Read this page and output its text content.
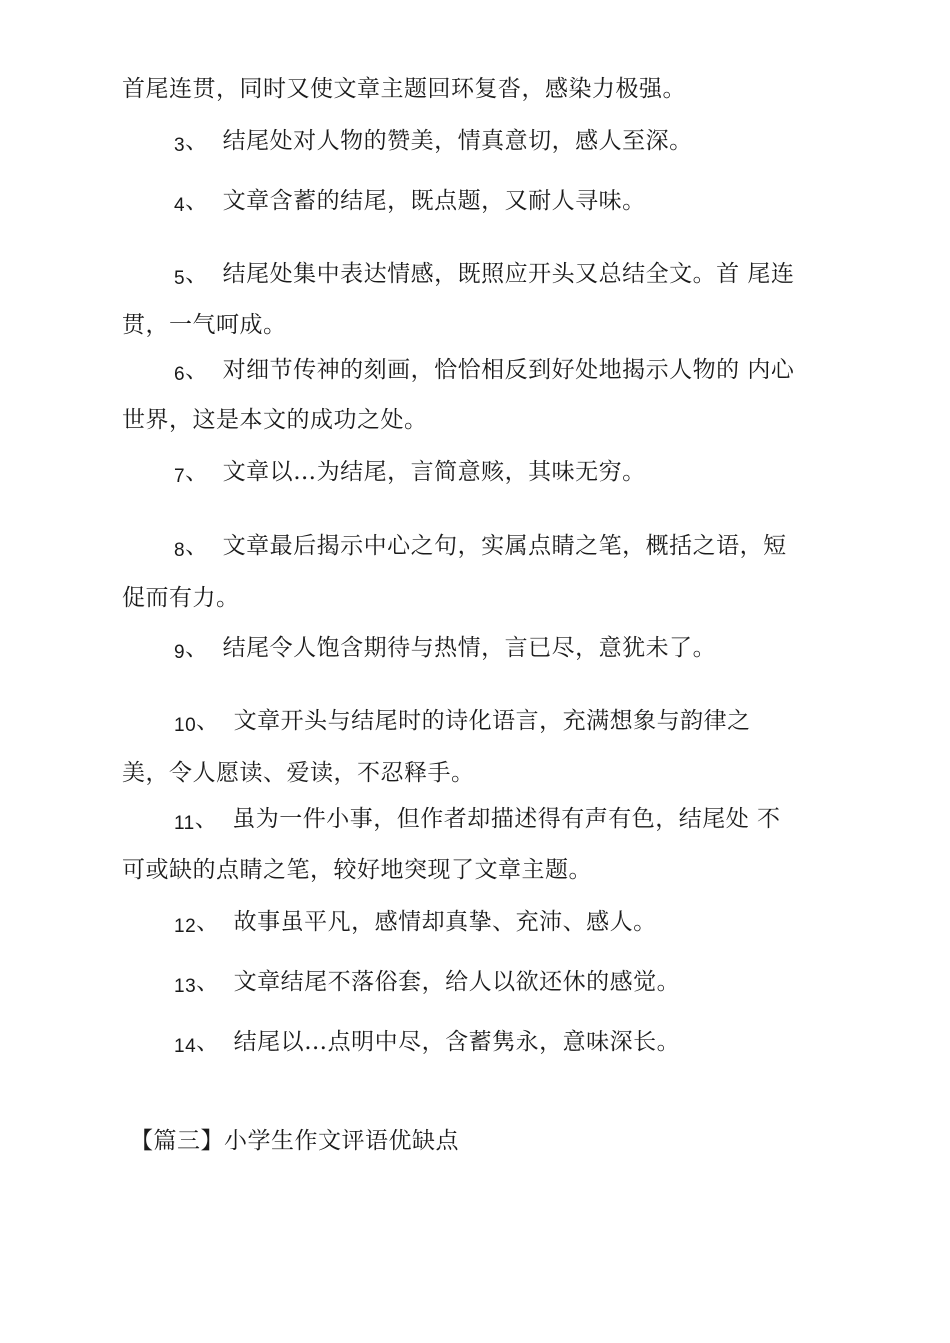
首尾连贯，同时又使文章主题回环复沓，感染力极强。
3、 结尾处对人物的赞美，情真意切，感人至深。
4、 文章含蓄的结尾，既点题，又耐人寻味。
5、 结尾处集中表达情感，既照应开头又总结全文。首 尾连
贯，一气呵成。
6、 对细节传神的刻画，恰恰相反到好处地揭示人物的 内心
世界，这是本文的成功之处。
7、 文章以…为结尾，言简意赅，其味无穷。
8、 文章最后揭示中心之句，实属点睛之笔，概括之语，短
促而有力。
9、 结尾令人饱含期待与热情，言已尽，意犹未了。
10、 文章开头与结尾时的诗化语言，充满想象与韵律之
美，令人愿读、爱读，不忍释手。
11、 虽为一件小事，但作者却描述得有声有色，结尾处 不
可或缺的点睛之笔，较好地突现了文章主题。
12、 故事虽平凡，感情却真挚、充沛、感人。
13、 文章结尾不落俗套，给人以欲还休的感觉。
14、 结尾以…点明中尽，含蓄隽永，意味深长。
【篇三】小学生作文评语优缺点
